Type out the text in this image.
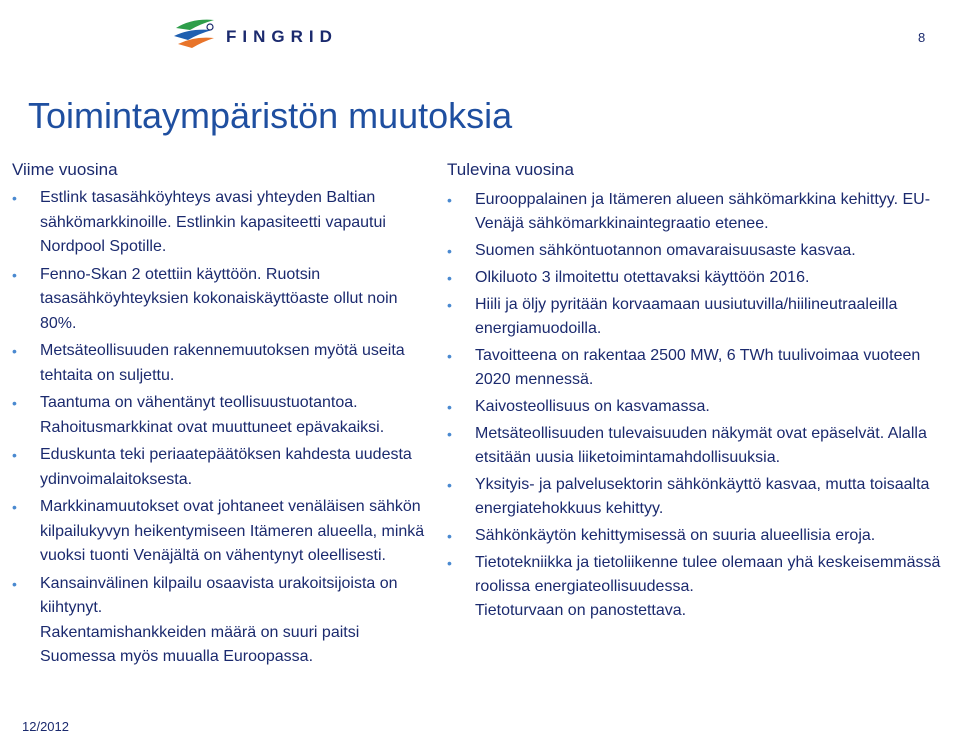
FINGRID	8
Toimintaympäristön muutoksia
Viime vuosina
•	Estlink tasasähköyhteys avasi yhteyden Baltian sähkömarkkinoille. Estlinkin kapasiteetti vapautui Nordpool Spotille.
•	Fenno-Skan 2 otettiin käyttöön. Ruotsin tasasähköyhteyksien kokonaiskäyttöaste ollut noin 80%.
•	Metsäteollisuuden rakennemuutoksen myötä useita tehtaita on suljettu.
•	Taantuma on vähentänyt teollisuustuotantoa. Rahoitusmarkkinat ovat muuttuneet epävakaiksi.
•	Eduskunta teki periaatepäätöksen kahdesta uudesta ydinvoimalaitoksesta.
•	Markkinamuutokset ovat johtaneet venäläisen sähkön kilpailukyvyn heikentymiseen Itämeren alueella, minkä vuoksi tuonti Venäjältä on vähentynyt oleellisesti.
•	Kansainvälinen kilpailu osaavista urakoitsijoista on kiihtynyt.
Rakentamishankkeiden määrä on suuri paitsi Suomessa myös muualla Euroopassa.
Tulevina vuosina
•	Eurooppalainen ja Itämeren alueen sähkömarkkina kehittyy. EU-Venäjä sähkömarkkinaintegraatio etenee.
•	Suomen sähköntuotannon omavaraisuusaste kasvaa.
•	Olkiluoto 3 ilmoitettu otettavaksi käyttöön 2016.
•	Hiili ja öljy pyritään korvaamaan uusiutuvilla/hiilineutraaleilla energiamuodoilla.
•	Tavoitteena on rakentaa 2500 MW, 6 TWh tuulivoimaa vuoteen 2020 mennessä.
•	Kaivosteollisuus on kasvamassa.
•	Metsäteollisuuden tulevaisuuden näkymät ovat epäselvät. Alalla etsitään uusia liiketoimintamahdollisuuksia.
•	Yksityis- ja palvelusektorin sähkönkäyttö kasvaa, mutta toisaalta energiatehokkuus kehittyy.
•	Sähkönkäytön kehittymisessä on suuria alueellisia eroja.
•	Tietotekniikka ja tietoliikenne tulee olemaan yhä keskeisemmässä roolissa energiateollisuudessa.
Tietoturvaan on panostettava.
12/2012
